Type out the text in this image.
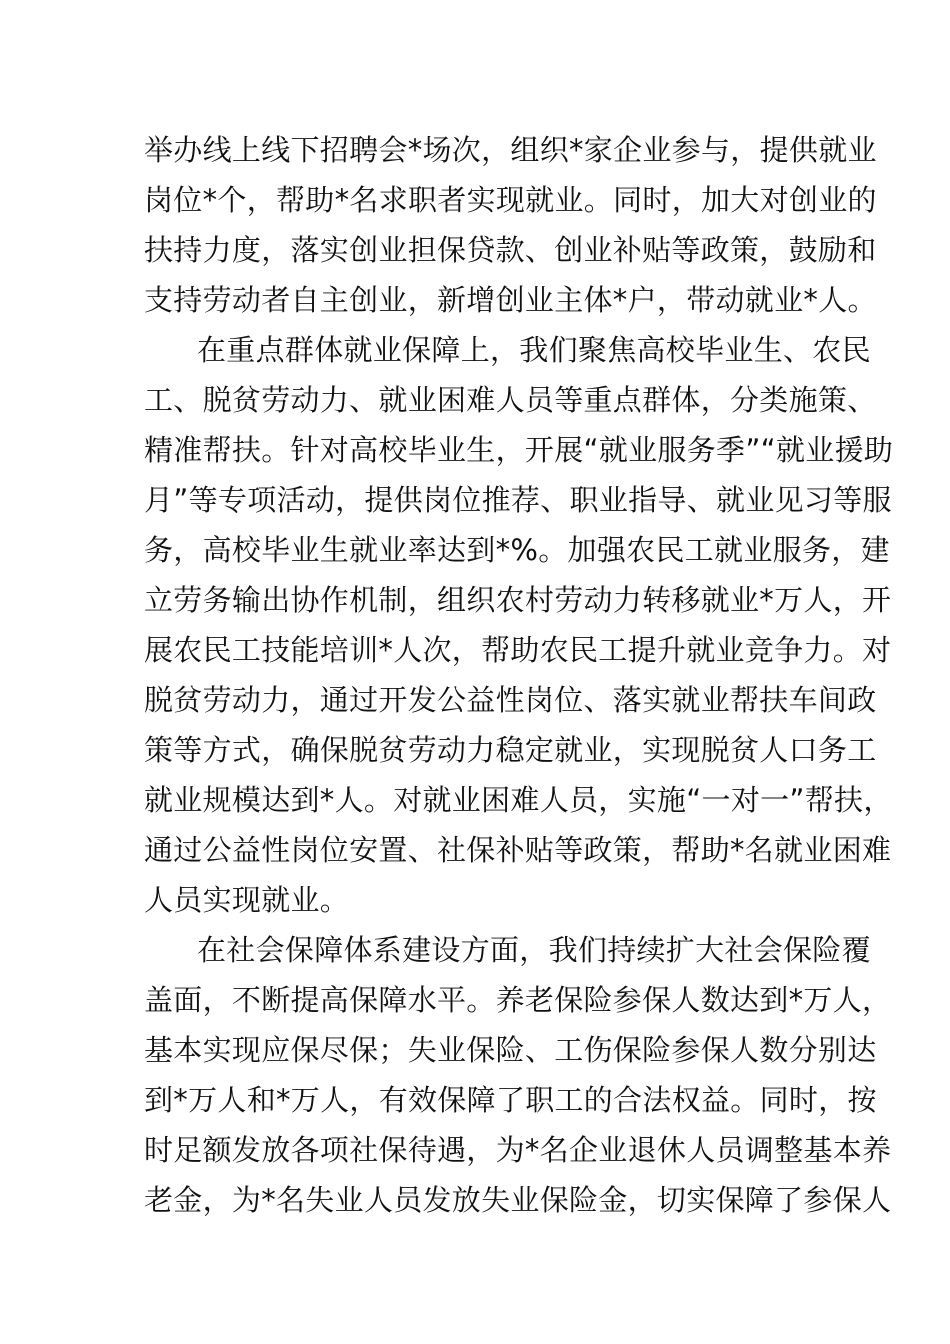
举办线上线下招聘会*场次，组织*家企业参与，提供就业
岗位*个，帮助*名求职者实现就业。同时，加大对创业的
扶持力度，落实创业担保贷款、创业补贴等政策，鼓励和
支持劳动者自主创业，新增创业主体*户，带动就业*人。
在重点群体就业保障上，我们聚焦高校毕业生、农民
工、脱贫劳动力、就业困难人员等重点群体，分类施策、
精准帮扶。针对高校毕业生，开展“就业服务季”“就业援助
月”等专项活动，提供岗位推荐、职业指导、就业见习等服
务，高校毕业生就业率达到*%。加强农民工就业服务，建
立劳务输出协作机制，组织农村劳动力转移就业*万人，开
展农民工技能培训*人次，帮助农民工提升就业竞争力。对
脱贫劳动力，通过开发公益性岗位、落实就业帮扶车间政
策等方式，确保脱贫劳动力稳定就业，实现脱贫人口务工
就业规模达到*人。对就业困难人员，实施“一对一”帮扶，
通过公益性岗位安置、社保补贴等政策，帮助*名就业困难
人员实现就业。
在社会保障体系建设方面，我们持续扩大社会保险覆
盖面，不断提高保障水平。养老保险参保人数达到*万人，
基本实现应保尽保；失业保险、工伤保险参保人数分别达
到*万人和*万人，有效保障了职工的合法权益。同时，按
时足额发放各项社保待遇，为*名企业退休人员调整基本养
老金，为*名失业人员发放失业保险金，切实保障了参保人
